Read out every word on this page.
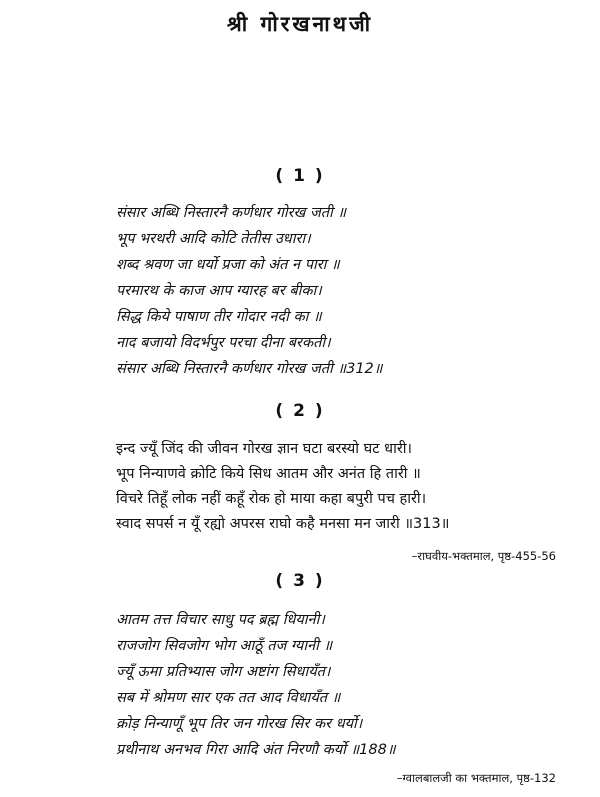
श्री गोरखनाथजी
( 1 )
संसार अब्धि निस्तारनै कर्णधार गोरख जती ॥
भूप भरथरी आदि कोटि तेतीस उधारा।
शब्द श्रवण जा धर्यो प्रजा को अंत न पारा ॥
परमारथ के काज आप ग्यारह बर बीका।
सिद्ध किये पाषाण तीर गोदार नदी का ॥
नाद बजायो विदर्भपुर परचा दीना बरकती।
संसार अब्धि निस्तारनै कर्णधार गोरख जती ॥312॥
( 2 )
इन्द ज्यूँ जिंद की जीवन गोरख ज्ञान घटा बरस्यो घट धारी।
भूप निन्याणवे क्रोटि किये सिध आतम और अनंत हि तारी ॥
विचरे तिहूँ लोक नहीं कहूँ रोक हो माया कहा बपुरी पच हारी।
स्वाद सपर्स न यूँ रह्यो अपरस राघो कहै मनसा मन जारी ॥313॥
–राघवीय-भक्तमाल, पृष्ठ-455-56
( 3 )
आतम तत्त विचार साधु पद ब्रह्म धियानी।
राजजोग सिवजोग भोग आठूँ तज ग्यानी ॥
ज्यूँ ऊमा प्रतिभ्यास जोग अष्टांग सिधायँत।
सब में श्रोमण सार एक तत आद विधायँत ॥
क्रोड़ निन्याणूँ भूप तिर जन गोरख सिर कर धर्यो।
प्रथीनाथ अनभव गिरा आदि अंत निरणौ कर्यो ॥188॥
–ग्वालबालजी का भक्तमाल, पृष्ठ-132
